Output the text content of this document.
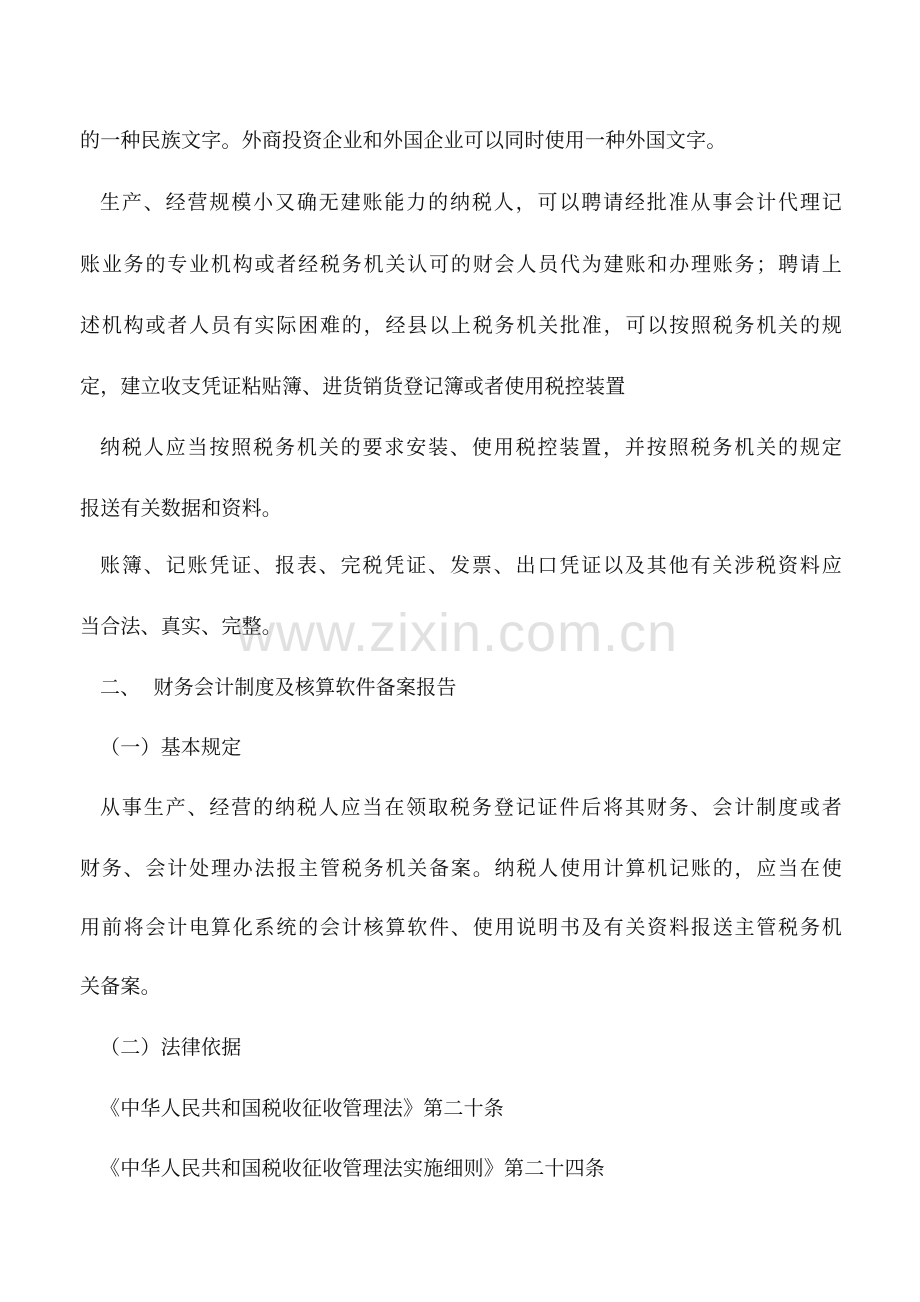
的一种民族文字。外商投资企业和外国企业可以同时使用一种外国文字。
生产、经营规模小又确无建账能力的纳税人，可以聘请经批准从事会计代理记
账业务的专业机构或者经税务机关认可的财会人员代为建账和办理账务；聘请上
述机构或者人员有实际困难的，经县以上税务机关批准，可以按照税务机关的规
定，建立收支凭证粘贴簿、进货销货登记簿或者使用税控装置
纳税人应当按照税务机关的要求安装、使用税控装置，并按照税务机关的规定
报送有关数据和资料。
账簿、记账凭证、报表、完税凭证、发票、出口凭证以及其他有关涉税资料应
当合法、真实、完整。
二、  财务会计制度及核算软件备案报告
（一）基本规定
从事生产、经营的纳税人应当在领取税务登记证件后将其财务、会计制度或者
财务、会计处理办法报主管税务机关备案。纳税人使用计算机记账的，应当在使
用前将会计电算化系统的会计核算软件、使用说明书及有关资料报送主管税务机
关备案。
（二）法律依据
《中华人民共和国税收征收管理法》第二十条
《中华人民共和国税收征收管理法实施细则》第二十四条
www.zixin.com.cn
